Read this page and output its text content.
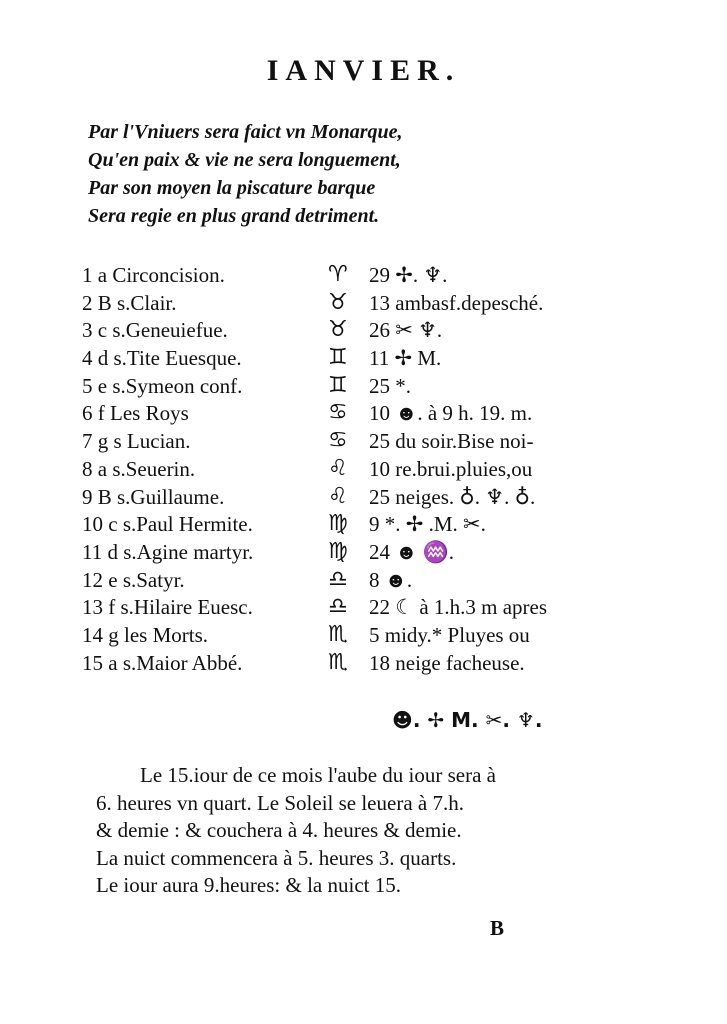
IANVIER.
Par l'Vniuers sera faict vn Monarque,
Qu'en paix & vie ne sera longuement,
Par son moyen la piscature barque
Sera regie en plus grand detriment.
1 a Circoncision.	♈ 29 ✢. ♆.
2 B s.Clair.	♉ 13 ambasf.depesché.
3 c s.Geneuiefue.	♉ 26 ✂ ♆.
4 d s.Tite Euesque.	♊ 11 ✢ M.
5 e s.Symeon conf.	♊ 25 *.
6 f Les Roys	♋ 10 ☻. à 9 h. 19. m.
7 g s Lucian.	♋ 25 du soir.Bise noi-
8 a s.Seuerin.	♌ 10 re.brui.pluies,ou
9 B s.Guillaume.	♌ 25 neiges. ♁. ♆. ♁.
10 c s.Paul Hermite.	♍ 9 *. ✢ .M. ✂.
11 d s.Agine martyr.	♍ 24 ☻ ♒.
12 e s.Satyr.	♎ 8 ☻.
13 f s.Hilaire Euesc.	♎ 22 ☾ à 1.h.3 m apres
14 g les Morts.	♏ 5 midy.* Pluyes ou
15 a s.Maior Abbé.	♏ 18 neige facheuse.
☻. ✢ M. ✂. ♆.
Le 15.iour de ce mois l'aube du iour sera à
6. heures vn quart. Le Soleil se leuera à 7.h.
& demie : & couchera à 4. heures & demie.
La nuict commencera à 5. heures 3. quarts.
Le iour aura 9.heures: & la nuict 15.
B
